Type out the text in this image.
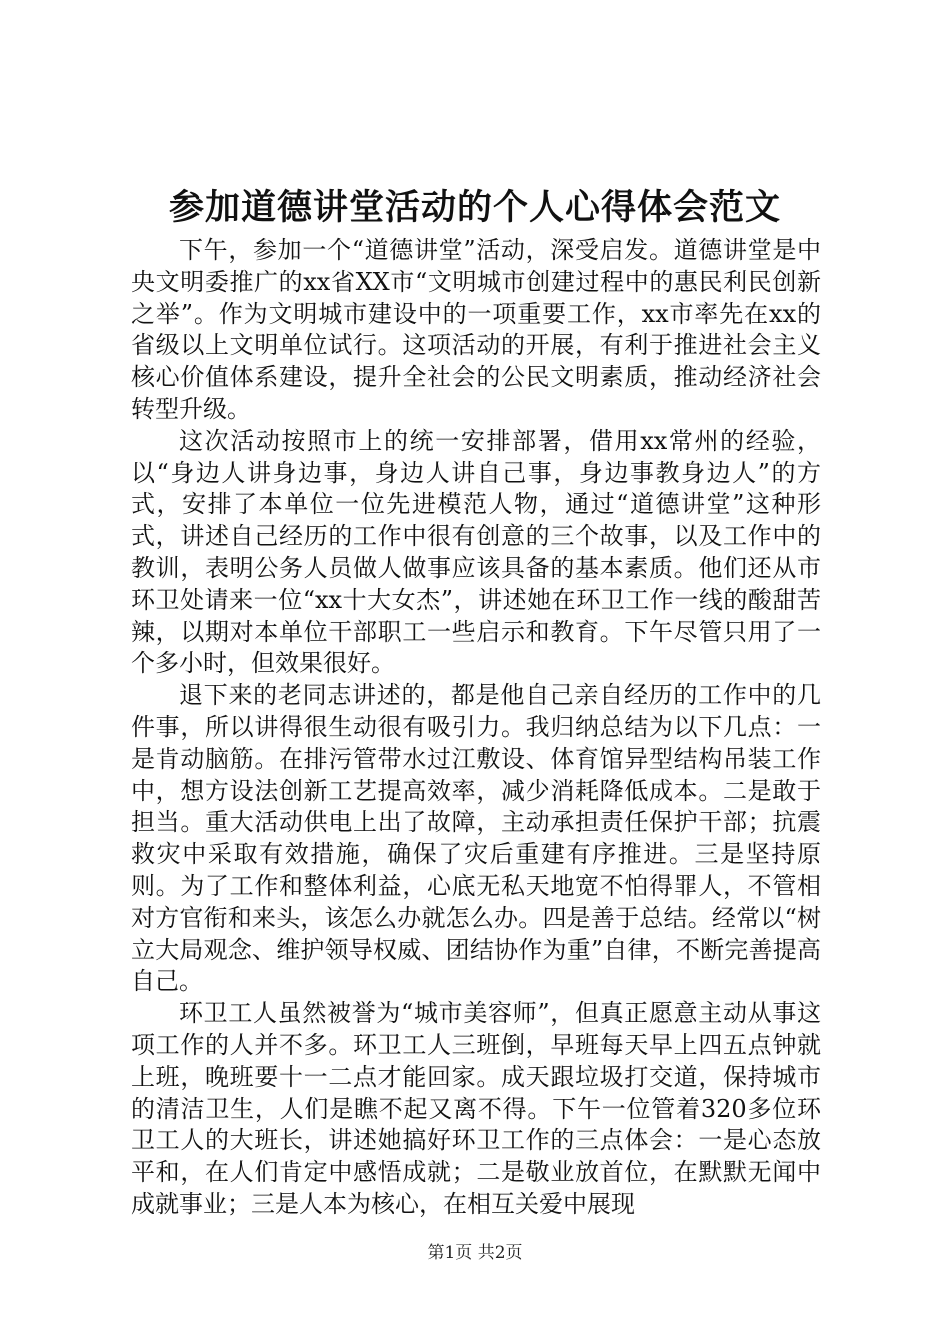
参加道德讲堂活动的个人心得体会范文

下午，参加一个“道德讲堂”活动，深受启发。道德讲堂是中央文明委推广的xx省XX市“文明城市创建过程中的惠民利民创新之举”。作为文明城市建设中的一项重要工作，xx市率先在xx的省级以上文明单位试行。这项活动的开展，有利于推进社会主义核心价值体系建设，提升全社会的公民文明素质，推动经济社会转型升级。

这次活动按照市上的统一安排部署，借用xx常州的经验，以“身边人讲身边事，身边人讲自己事，身边事教身边人”的方式，安排了本单位一位先进模范人物，通过“道德讲堂”这种形式，讲述自己经历的工作中很有创意的三个故事，以及工作中的教训，表明公务人员做人做事应该具备的基本素质。他们还从市环卫处请来一位“xx十大女杰”，讲述她在环卫工作一线的酸甜苦辣，以期对本单位干部职工一些启示和教育。下午尽管只用了一个多小时，但效果很好。

退下来的老同志讲述的，都是他自己亲自经历的工作中的几件事，所以讲得很生动很有吸引力。我归纳总结为以下几点：一是肯动脑筋。在排污管带水过江敷设、体育馆异型结构吊装工作中，想方设法创新工艺提高效率，减少消耗降低成本。二是敢于担当。重大活动供电上出了故障，主动承担责任保护干部；抗震救灾中采取有效措施，确保了灾后重建有序推进。三是坚持原则。为了工作和整体利益，心底无私天地宽不怕得罪人，不管相对方官衔和来头，该怎么办就怎么办。四是善于总结。经常以“树立大局观念、维护领导权威、团结协作为重”自律，不断完善提高自己。

环卫工人虽然被誉为“城市美容师”，但真正愿意主动从事这项工作的人并不多。环卫工人三班倒，早班每天早上四五点钟就上班，晚班要十一二点才能回家。成天跟垃圾打交道，保持城市的清洁卫生，人们是瞧不起又离不得。下午一位管着320多位环卫工人的大班长，讲述她搞好环卫工作的三点体会：一是心态放平和，在人们肯定中感悟成就；二是敬业放首位，在默默无闻中成就事业；三是人本为核心，在相互关爱中展现

第1页 共2页
